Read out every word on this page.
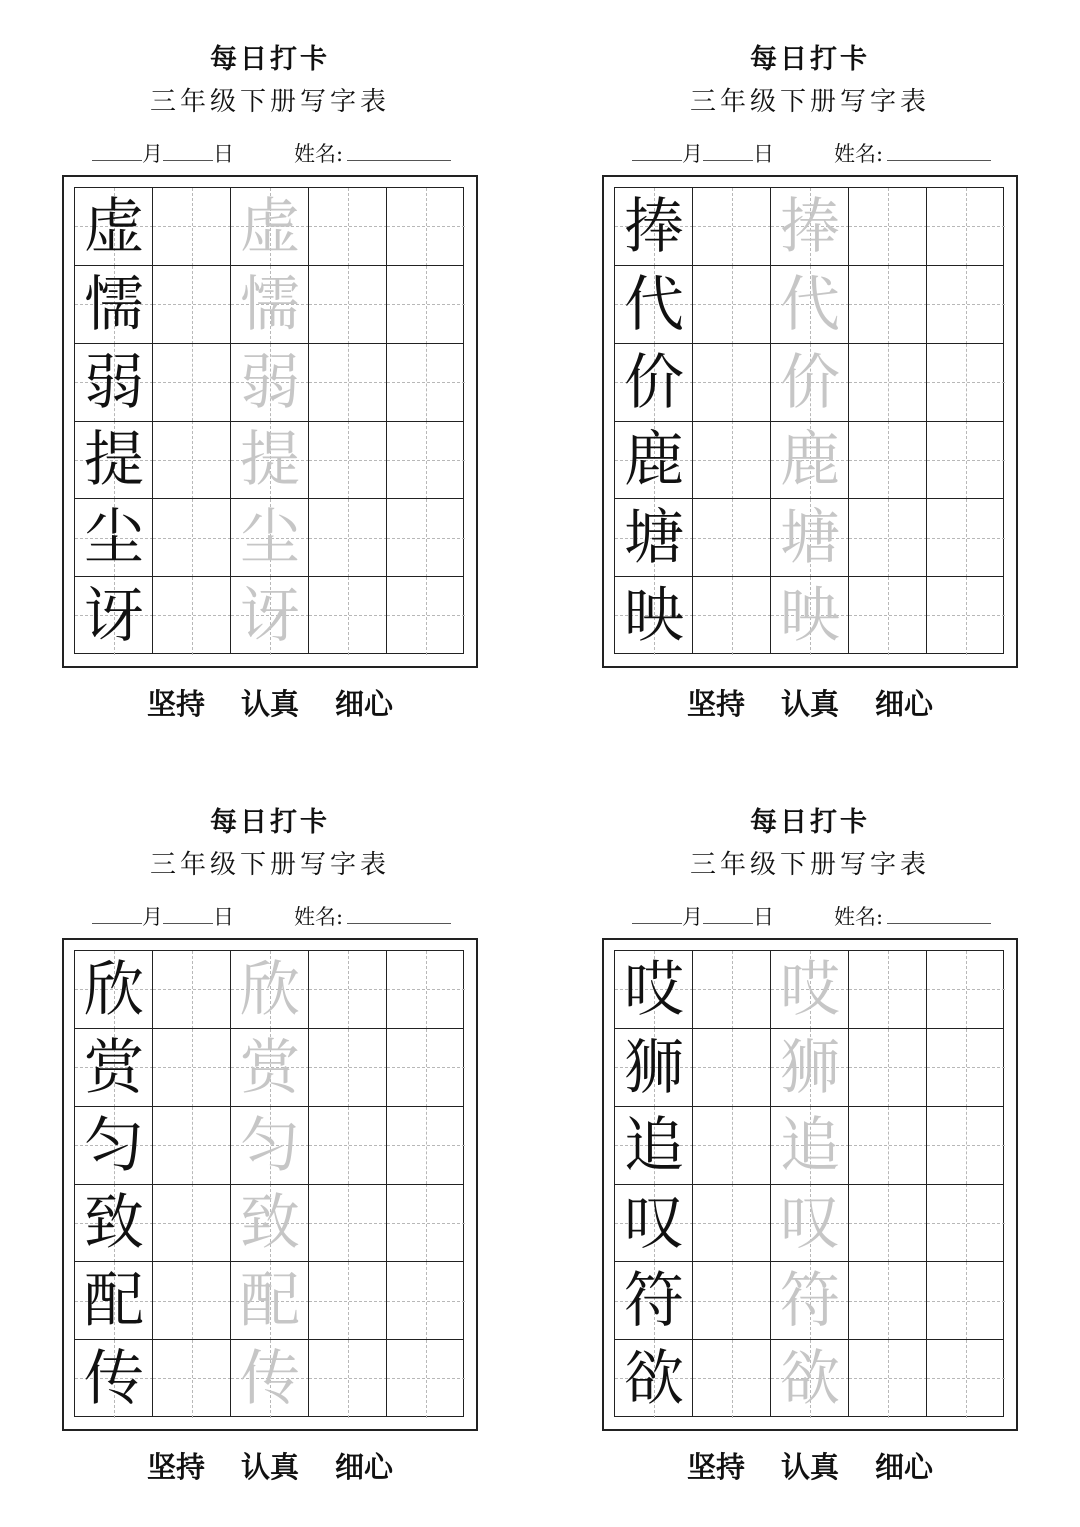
每日打卡
三年级下册写字表
月 日	姓名:
虚 虚
懦 懦
弱 弱
提 提
尘 尘
讶 讶
坚持 认真 细心
每日打卡
三年级下册写字表
月 日	姓名:
捧 捧
代 代
价 价
鹿 鹿
塘 塘
映 映
坚持 认真 细心
每日打卡
三年级下册写字表
月 日	姓名:
欣 欣
赏 赏
匀 匀
致 致
配 配
传 传
坚持 认真 细心
每日打卡
三年级下册写字表
月 日	姓名:
哎 哎
狮 狮
追 追
叹 叹
符 符
欲 欲
坚持 认真 细心
